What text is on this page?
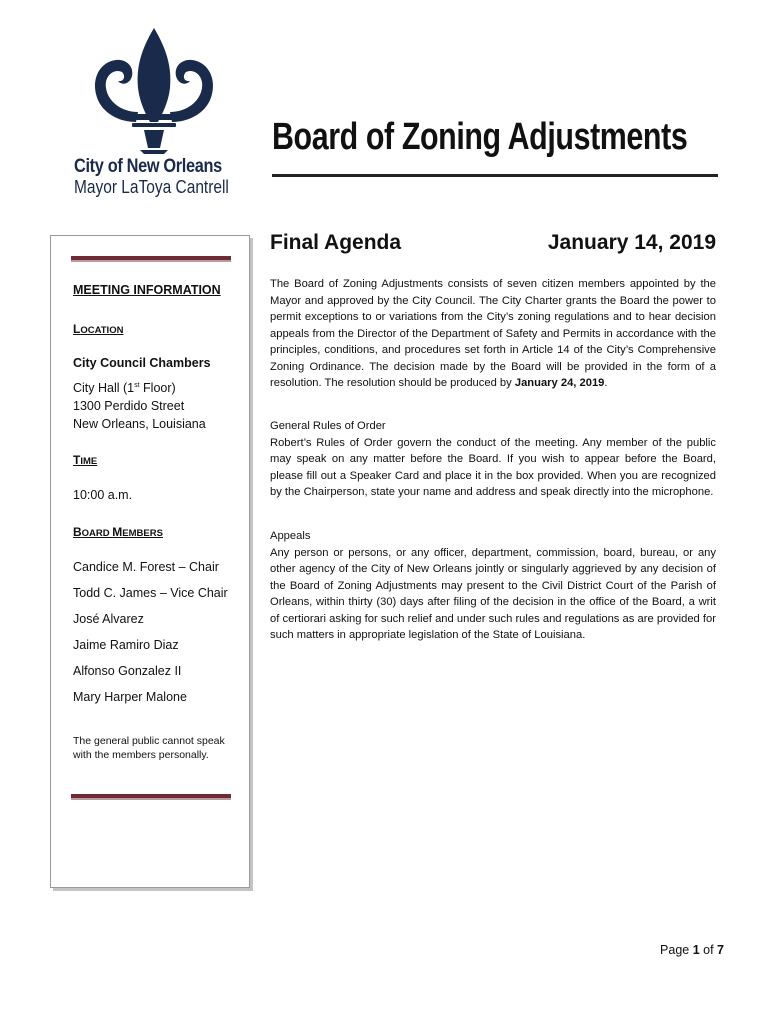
City of New Orleans
Mayor LaToya Cantrell
Board of Zoning Adjustments
MEETING INFORMATION
LOCATION
City Council Chambers
City Hall (1st Floor)
1300 Perdido Street
New Orleans, Louisiana
TIME
10:00 a.m.
BOARD MEMBERS
Candice M. Forest – Chair
Todd C. James – Vice Chair
José Alvarez
Jaime Ramiro Diaz
Alfonso Gonzalez II
Mary Harper Malone
The general public cannot speak with the members personally.
Final Agenda	January 14, 2019
The Board of Zoning Adjustments consists of seven citizen members appointed by the Mayor and approved by the City Council. The City Charter grants the Board the power to permit exceptions to or variations from the City’s zoning regulations and to hear decision appeals from the Director of the Department of Safety and Permits in accordance with the principles, conditions, and procedures set forth in Article 14 of the City’s Comprehensive Zoning Ordinance. The decision made by the Board will be provided in the form of a resolution. The resolution should be produced by January 24, 2019.
General Rules of Order
Robert’s Rules of Order govern the conduct of the meeting. Any member of the public may speak on any matter before the Board. If you wish to appear before the Board, please fill out a Speaker Card and place it in the box provided. When you are recognized by the Chairperson, state your name and address and speak directly into the microphone.
Appeals
Any person or persons, or any officer, department, commission, board, bureau, or any other agency of the City of New Orleans jointly or singularly aggrieved by any decision of the Board of Zoning Adjustments may present to the Civil District Court of the Parish of Orleans, within thirty (30) days after filing of the decision in the office of the Board, a writ of certiorari asking for such relief and under such rules and regulations as are provided for such matters in appropriate legislation of the State of Louisiana.
Page 1 of 7
